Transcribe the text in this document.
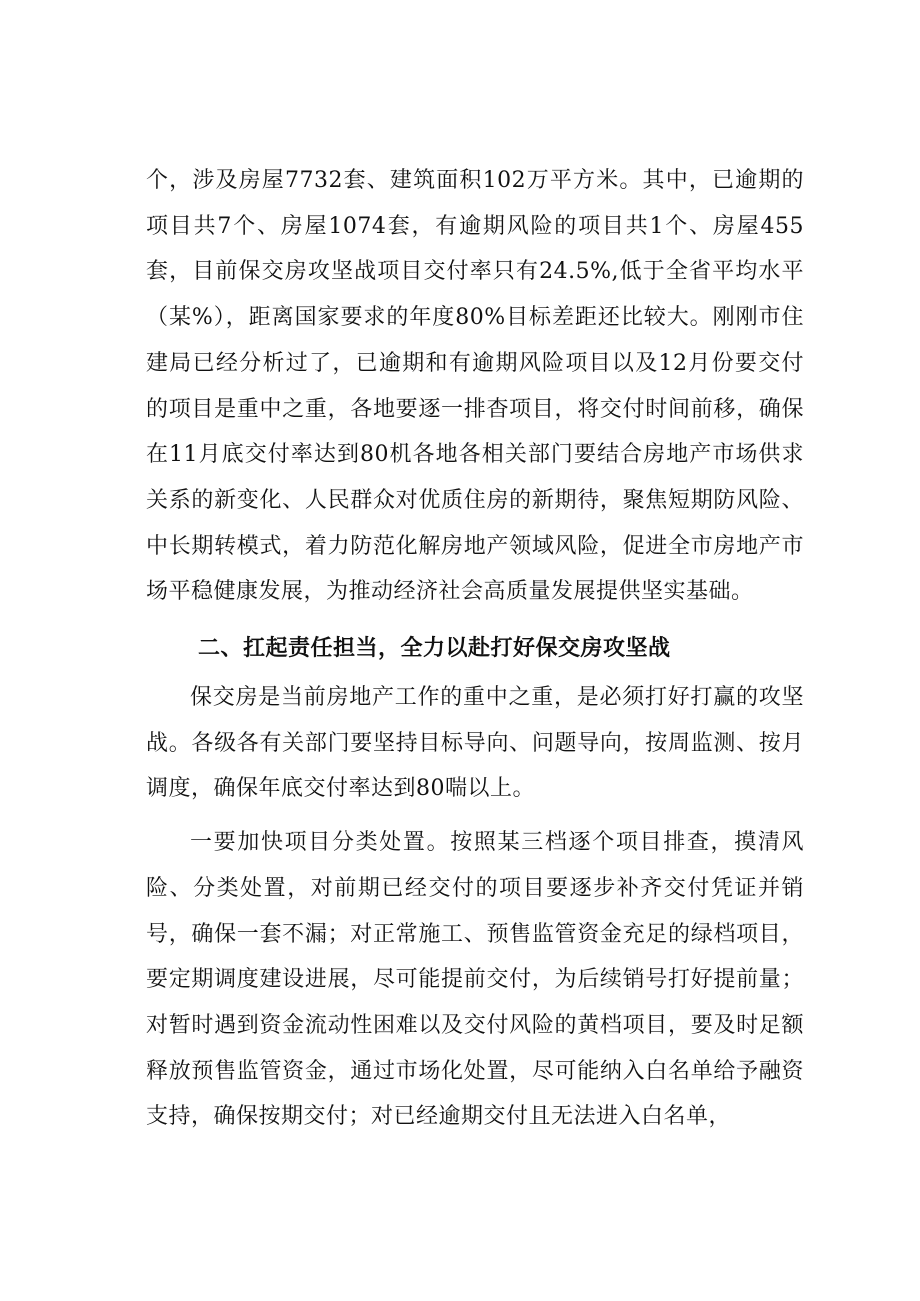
个，涉及房屋7732套、建筑面积102万平方米。其中，已逾期的项目共7个、房屋1074套，有逾期风险的项目共1个、房屋455套，目前保交房攻坚战项目交付率只有24.5%,低于全省平均水平（某%），距离国家要求的年度80%目标差距还比较大。刚刚市住建局已经分析过了，已逾期和有逾期风险项目以及12月份要交付的项目是重中之重，各地要逐一排杳项目，将交付时间前移，确保在11月底交付率达到80机各地各相关部门要结合房地产市场供求关系的新变化、人民群众对优质住房的新期待，聚焦短期防风险、中长期转模式，着力防范化解房地产领域风险，促进全市房地产市场平稳健康发展，为推动经济社会高质量发展提供坚实基础。

二、扛起责任担当，全力以赴打好保交房攻坚战

保交房是当前房地产工作的重中之重，是必须打好打赢的攻坚战。各级各有关部门要坚持目标导向、问题导向，按周监测、按月调度，确保年底交付率达到80喘以上。

一要加快项目分类处置。按照某三档逐个项目排查，摸清风险、分类处置，对前期已经交付的项目要逐步补齐交付凭证并销号，确保一套不漏；对正常施工、预售监管资金充足的绿档项目，要定期调度建设进展，尽可能提前交付，为后续销号打好提前量；对暂时遇到资金流动性困难以及交付风险的黄档项目，要及时足额释放预售监管资金，通过市场化处置，尽可能纳入白名单给予融资支持，确保按期交付；对已经逾期交付且无法进入白名单，
